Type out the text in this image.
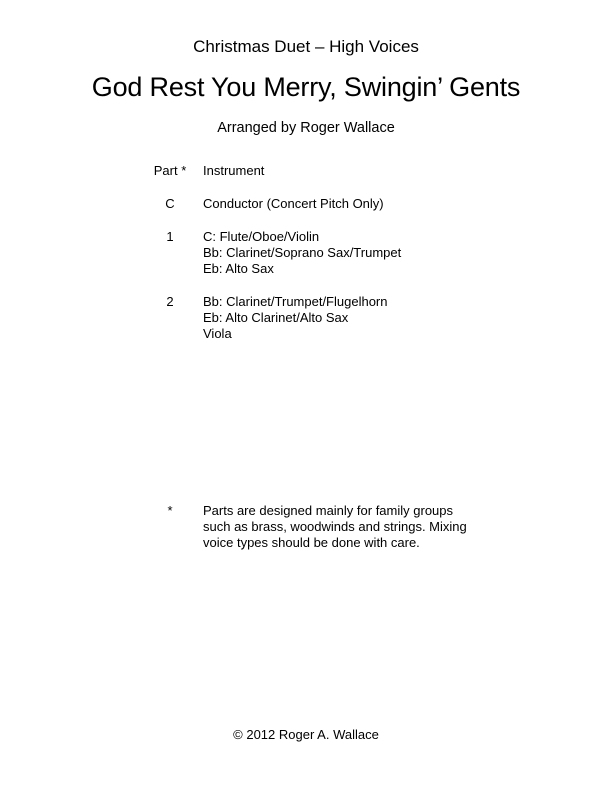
Christmas Duet – High Voices
God Rest You Merry, Swingin’ Gents
Arranged by Roger Wallace
Part *	Instrument
C	Conductor (Concert Pitch Only)
1	C: Flute/Oboe/Violin
Bb: Clarinet/Soprano Sax/Trumpet
Eb: Alto Sax
2	Bb: Clarinet/Trumpet/Flugelhorn
Eb: Alto Clarinet/Alto Sax
Viola
*	Parts are designed mainly for family groups
such as brass, woodwinds and strings. Mixing
voice types should be done with care.
© 2012 Roger A. Wallace
